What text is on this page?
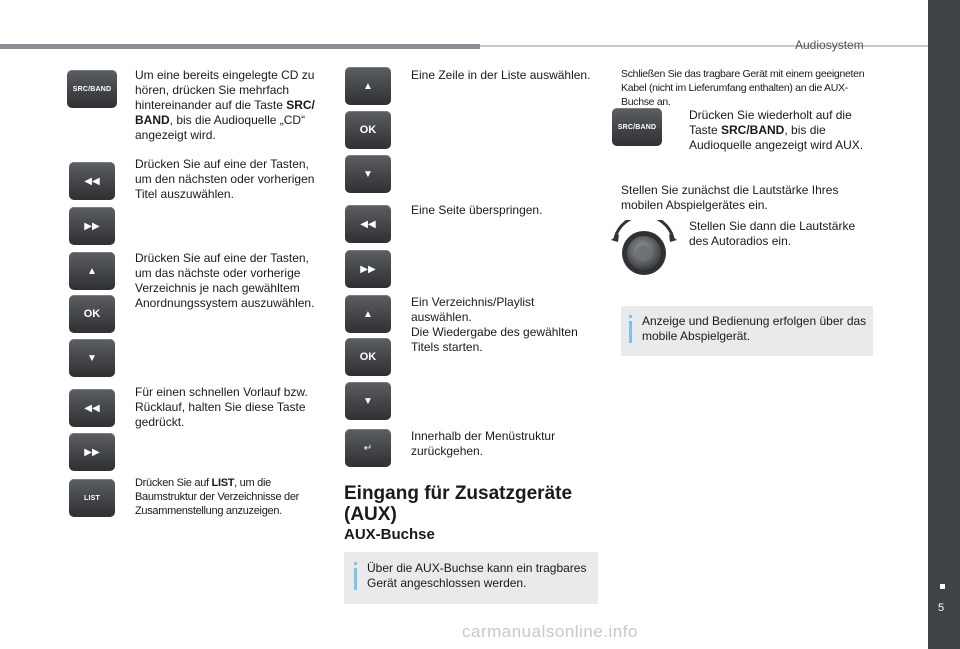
Audiosystem
5
carmanualsonline.info
SRC/BAND
Um eine bereits eingelegte CD zu hören, drücken Sie mehrfach hintereinander auf die Taste SRC/ BAND, bis die Audioquelle „CD“ angezeigt wird.
◀◀
▶▶
Drücken Sie auf eine der Tasten, um den nächsten oder vorherigen Titel auszuwählen.
▲
OK
▼
Drücken Sie auf eine der Tasten, um das nächste oder vorherige Verzeichnis je nach gewähltem Anordnungssystem auszuwählen.
◀◀
▶▶
Für einen schnellen Vorlauf bzw. Rücklauf, halten Sie diese Taste gedrückt.
LIST
Drücken Sie auf LIST, um die Baumstruktur der Verzeichnisse der Zusammenstellung anzuzeigen.
▲
OK
▼
Eine Zeile in der Liste auswählen.
◀◀
▶▶
Eine Seite überspringen.
▲
OK
▼
Ein Verzeichnis/Playlist auswählen.
Die Wiedergabe des gewählten Titels starten.
↵
Innerhalb der Menüstruktur zurückgehen.
Eingang für Zusatzgeräte
(AUX)
AUX-Buchse
Über die AUX-Buchse kann ein tragbares Gerät angeschlossen werden.
Schließen Sie das tragbare Gerät mit einem geeigneten Kabel (nicht im Lieferumfang enthalten) an die AUX-Buchse an.
SRC/BAND
Drücken Sie wiederholt auf die Taste SRC/BAND, bis die Audioquelle angezeigt wird AUX.
Stellen Sie zunächst die Lautstärke Ihres mobilen Abspielgerätes ein.
Stellen Sie dann die Lautstärke des Autoradios ein.
Anzeige und Bedienung erfolgen über das mobile Abspielgerät.
